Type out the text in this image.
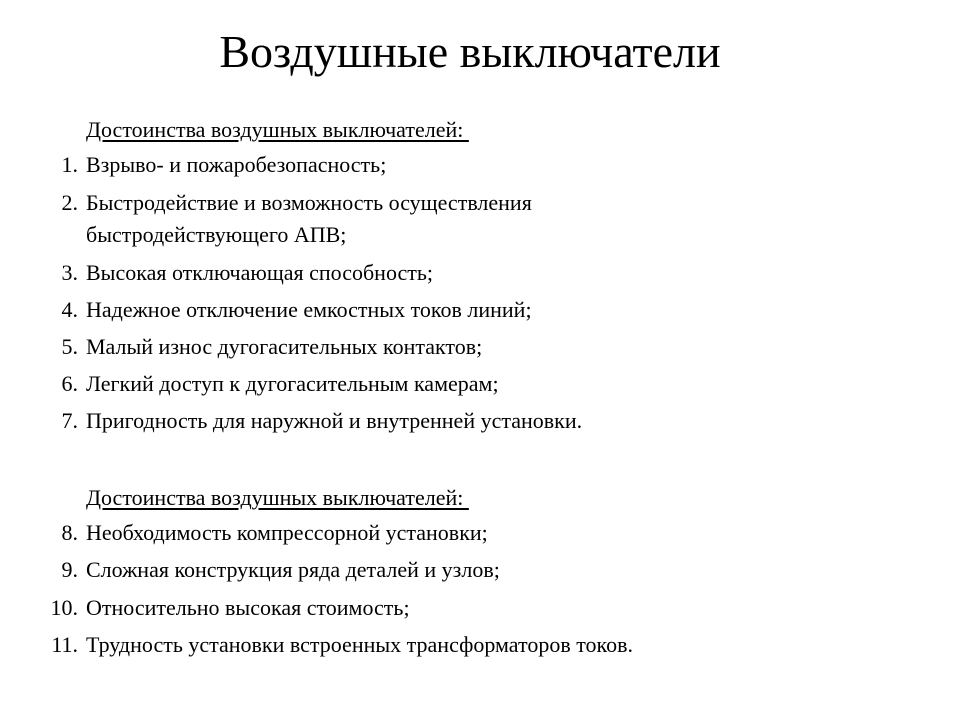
Воздушные выключатели
Достоинства воздушных выключателей:
1. Взрыво- и пожаробезопасность;
2. Быстродействие и возможность осуществления быстродействующего АПВ;
3. Высокая отключающая способность;
4. Надежное отключение емкостных токов линий;
5. Малый износ дугогасительных контактов;
6. Легкий доступ к дугогасительным камерам;
7. Пригодность для наружной и внутренней установки.
Достоинства воздушных выключателей:
8. Необходимость компрессорной установки;
9. Сложная конструкция ряда деталей и узлов;
10. Относительно высокая стоимость;
11. Трудность установки встроенных трансформаторов токов.
